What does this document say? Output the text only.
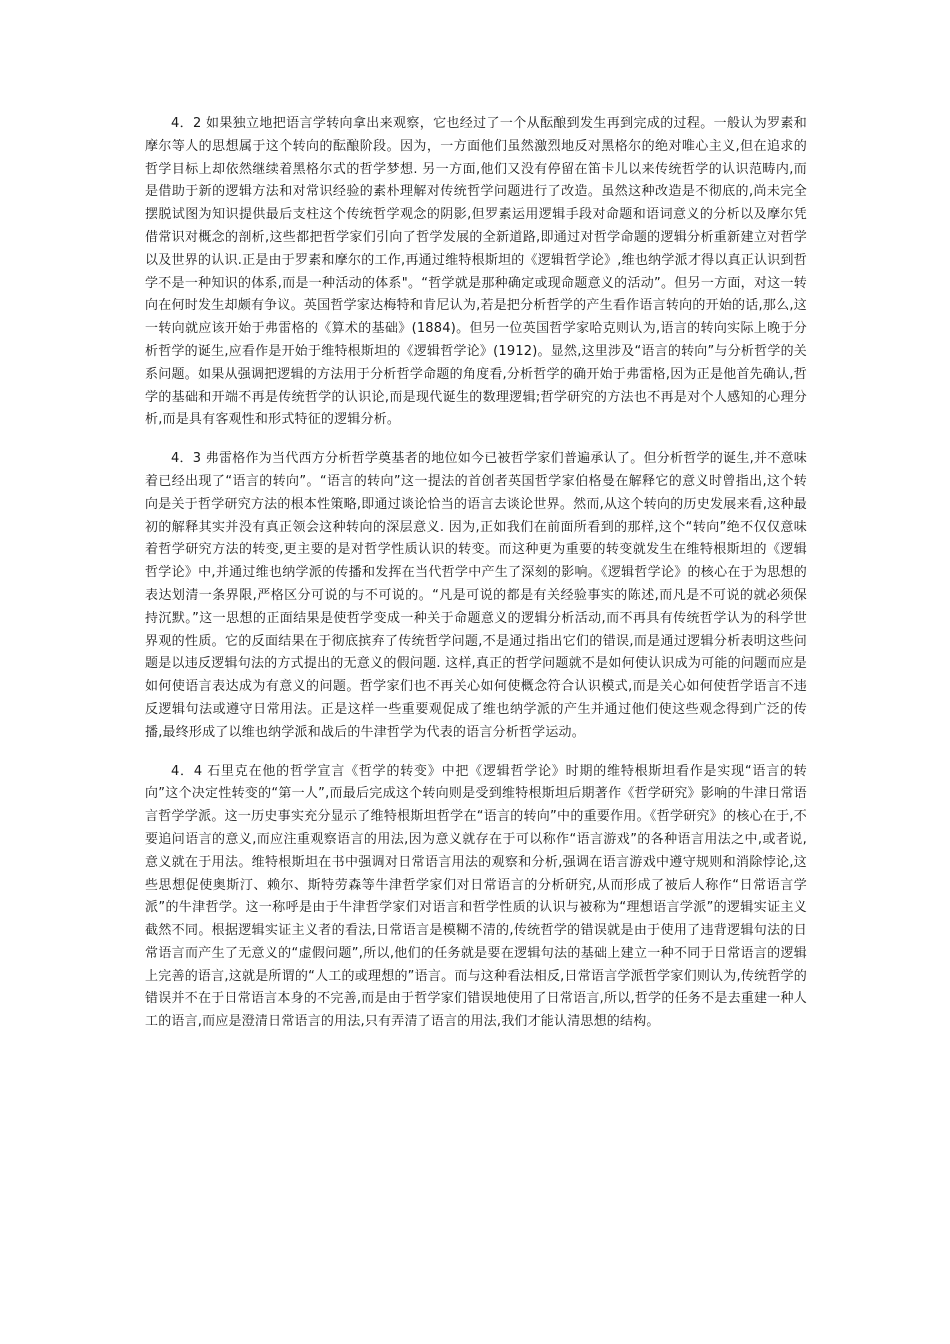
4．2 如果独立地把语言学转向拿出来观察，它也经过了一个从酝酿到发生再到完成的过程。一般认为罗素和摩尔等人的思想属于这个转向的酝酿阶段。因为，一方面他们虽然激烈地反对黑格尔的绝对唯心主义,但在追求的哲学目标上却依然继续着黑格尔式的哲学梦想. 另一方面,他们又没有停留在笛卡儿以来传统哲学的认识范畴内,而是借助于新的逻辑方法和对常识经验的素朴理解对传统哲学问题进行了改造。虽然这种改造是不彻底的,尚未完全摆脱试图为知识提供最后支柱这个传统哲学观念的阴影,但罗素运用逻辑手段对命题和语词意义的分析以及摩尔凭借常识对概念的剖析,这些都把哲学家们引向了哲学发展的全新道路,即通过对哲学命题的逻辑分析重新建立对哲学以及世界的认识.正是由于罗素和摩尔的工作,再通过维特根斯坦的《逻辑哲学论》,维也纳学派才得以真正认识到哲学不是一种知识的体系,而是一种活动的体系"。“哲学就是那种确定或现命题意义的活动”。但另一方面，对这一转向在何时发生却颇有争议。英国哲学家达梅特和肯尼认为,若是把分析哲学的产生看作语言转向的开始的话,那么,这一转向就应该开始于弗雷格的《算术的基础》(1884)。但另一位英国哲学家哈克则认为,语言的转向实际上晚于分析哲学的诞生,应看作是开始于维特根斯坦的《逻辑哲学论》(1912)。显然,这里涉及“语言的转向”与分析哲学的关系问题。如果从强调把逻辑的方法用于分析哲学命题的角度看,分析哲学的确开始于弗雷格,因为正是他首先确认,哲学的基础和开端不再是传统哲学的认识论,而是现代诞生的数理逻辑;哲学研究的方法也不再是对个人感知的心理分析,而是具有客观性和形式特征的逻辑分析。

4．3 弗雷格作为当代西方分析哲学奠基者的地位如今已被哲学家们普遍承认了。但分析哲学的诞生,并不意味着已经出现了“语言的转向”。“语言的转向”这一提法的首创者英国哲学家伯格曼在解释它的意义时曾指出,这个转向是关于哲学研究方法的根本性策略,即通过谈论恰当的语言去谈论世界。然而,从这个转向的历史发展来看,这种最初的解释其实并没有真正领会这种转向的深层意义. 因为,正如我们在前面所看到的那样,这个“转向”绝不仅仅意味着哲学研究方法的转变,更主要的是对哲学性质认识的转变。而这种更为重要的转变就发生在维特根斯坦的《逻辑哲学论》中,并通过维也纳学派的传播和发挥在当代哲学中产生了深刻的影响。《逻辑哲学论》的核心在于为思想的表达划清一条界限,严格区分可说的与不可说的。“凡是可说的都是有关经验事实的陈述,而凡是不可说的就必须保持沉默。”这一思想的正面结果是使哲学变成一种关于命题意义的逻辑分析活动,而不再具有传统哲学认为的科学世界观的性质。它的反面结果在于彻底摈弃了传统哲学问题,不是通过指出它们的错误,而是通过逻辑分析表明这些问题是以违反逻辑句法的方式提出的无意义的假问题. 这样,真正的哲学问题就不是如何使认识成为可能的问题而应是如何使语言表达成为有意义的问题。哲学家们也不再关心如何使概念符合认识模式,而是关心如何使哲学语言不违反逻辑句法或遵守日常用法。正是这样一些重要观促成了维也纳学派的产生并通过他们使这些观念得到广泛的传播,最终形成了以维也纳学派和战后的牛津哲学为代表的语言分析哲学运动。

4．4 石里克在他的哲学宣言《哲学的转变》中把《逻辑哲学论》时期的维特根斯坦看作是实现“语言的转向”这个决定性转变的“第一人”,而最后完成这个转向则是受到维特根斯坦后期著作《哲学研究》影响的牛津日常语言哲学学派。这一历史事实充分显示了维特根斯坦哲学在“语言的转向”中的重要作用。《哲学研究》的核心在于,不要追问语言的意义,而应注重观察语言的用法,因为意义就存在于可以称作“语言游戏”的各种语言用法之中,或者说,意义就在于用法。维特根斯坦在书中强调对日常语言用法的观察和分析,强调在语言游戏中遵守规则和消除悖论,这些思想促使奥斯汀、赖尔、斯特劳森等牛津哲学家们对日常语言的分析研究,从而形成了被后人称作“日常语言学派”的牛津哲学。这一称呼是由于牛津哲学家们对语言和哲学性质的认识与被称为“理想语言学派”的逻辑实证主义截然不同。根据逻辑实证主义者的看法,日常语言是模糊不清的,传统哲学的错误就是由于使用了违背逻辑句法的日常语言而产生了无意义的“虚假问题”,所以,他们的任务就是要在逻辑句法的基础上建立一种不同于日常语言的逻辑上完善的语言,这就是所谓的“人工的或理想的”语言。而与这种看法相反,日常语言学派哲学家们则认为,传统哲学的错误并不在于日常语言本身的不完善,而是由于哲学家们错误地使用了日常语言,所以,哲学的任务不是去重建一种人工的语言,而应是澄清日常语言的用法,只有弄清了语言的用法,我们才能认清思想的结构。
